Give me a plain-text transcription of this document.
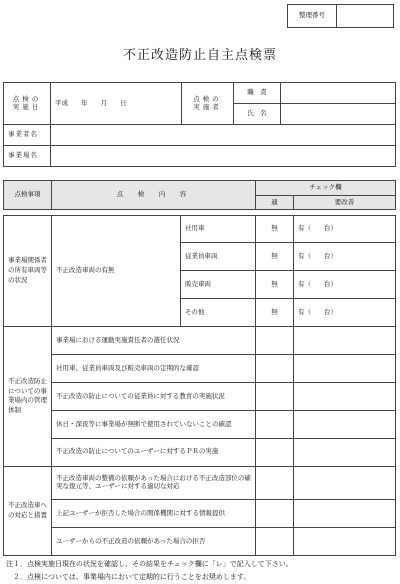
整理番号	
不正改造防止自主点検票
点検の
実施日	平成　　年　　月　　日	点検の
実施者	職　責	
			氏　名	
事業者名				
事業場名				
点検事項	点　検　内　容		チェック欄	
			適	要改善

事業場関係者の所有車両等の状況	不正改造車両の有無	社用車	無	有（　　台）
		従業員車両	無	有（　　台）
		販売車両	無	有（　　台）
		その他	無	有（　　台）
不正改造防止についての事業場内の管理体制	事業場における運動実施責任者の選任状況			
	社用車、従業員車両及び販売車両の定期的な確認			
	不正改造の防止についての従業員に対する教育の実施状況			
	休日・深夜等に事業場が無断で使用されていないことの確認			
	不正改造の防止についてのユーザーに対するＰＲの実施			
不正改造車への対応と措置	不正改造車両の整備の依頼があった場合における不正改造部位の確実な復元等、ユーザーに対する適切な対応			
	上記ユーザーが拒否した場合の関係機関に対する情報提供			
	ユーザーからの不正改造の依頼があった場合の拒否			
注１．点検実施日現在の状況を確認し、その結果をチェック欄に「レ」で記入して下さい。
　２．点検については、事業場内において定期的に行うことをお奨めします。
